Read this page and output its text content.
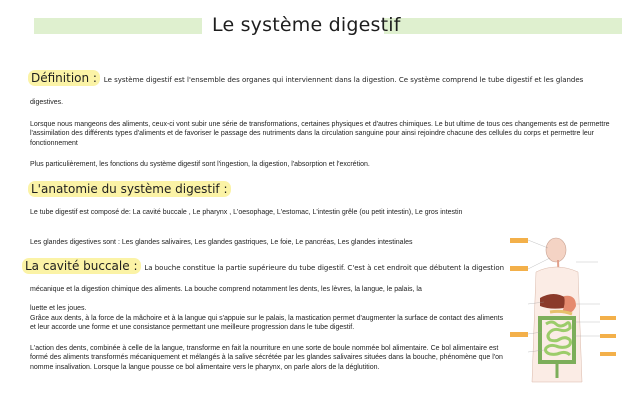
Le système digestif
Définition : Le système digestif est l'ensemble des organes qui interviennent dans la digestion. Ce système comprend le tube digestif et les glandes
digestives.
Lorsque nous mangeons des aliments, ceux-ci vont subir une série de transformations, certaines physiques et d'autres chimiques. Le but ultime de tous ces changements est de permettre l'assimilation des différents types d'aliments et de favoriser le passage des nutriments dans la circulation sanguine pour ainsi rejoindre chacune des cellules du corps et permettre leur fonctionnement
Plus particulièrement, les fonctions du système digestif sont l'ingestion, la digestion, l'absorption et l'excrétion.
L'anatomie du système digestif :
Le tube digestif est composé de: La cavité buccale , Le pharynx , L'oesophage, L'estomac, L'intestin grêle (ou petit intestin), Le gros intestin
Les glandes digestives sont : Les glandes salivaires, Les glandes gastriques, Le foie, Le pancréas, Les glandes intestinales
La cavité buccale : La bouche constitue la partie supérieure du tube digestif. C'est à cet endroit que débutent la digestion
mécanique et la digestion chimique des aliments. La bouche comprend notamment les dents, les lèvres, la langue, le palais, la
luette et les joues.
Grâce aux dents, à la force de la mâchoire et à la langue qui s'appuie sur le palais, la mastication permet d'augmenter la surface de contact des aliments et leur accorde une forme et une consistance permettant une meilleure progression dans le tube digestif.
L'action des dents, combinée à celle de la langue, transforme en fait la nourriture en une sorte de boule nommée bol alimentaire. Ce bol alimentaire est formé des aliments transformés mécaniquement et mélangés à la salive sécrétée par les glandes salivaires situées dans la bouche, phénomène que l'on nomme insalivation. Lorsque la langue pousse ce bol alimentaire vers le pharynx, on parle alors de la déglutition.
